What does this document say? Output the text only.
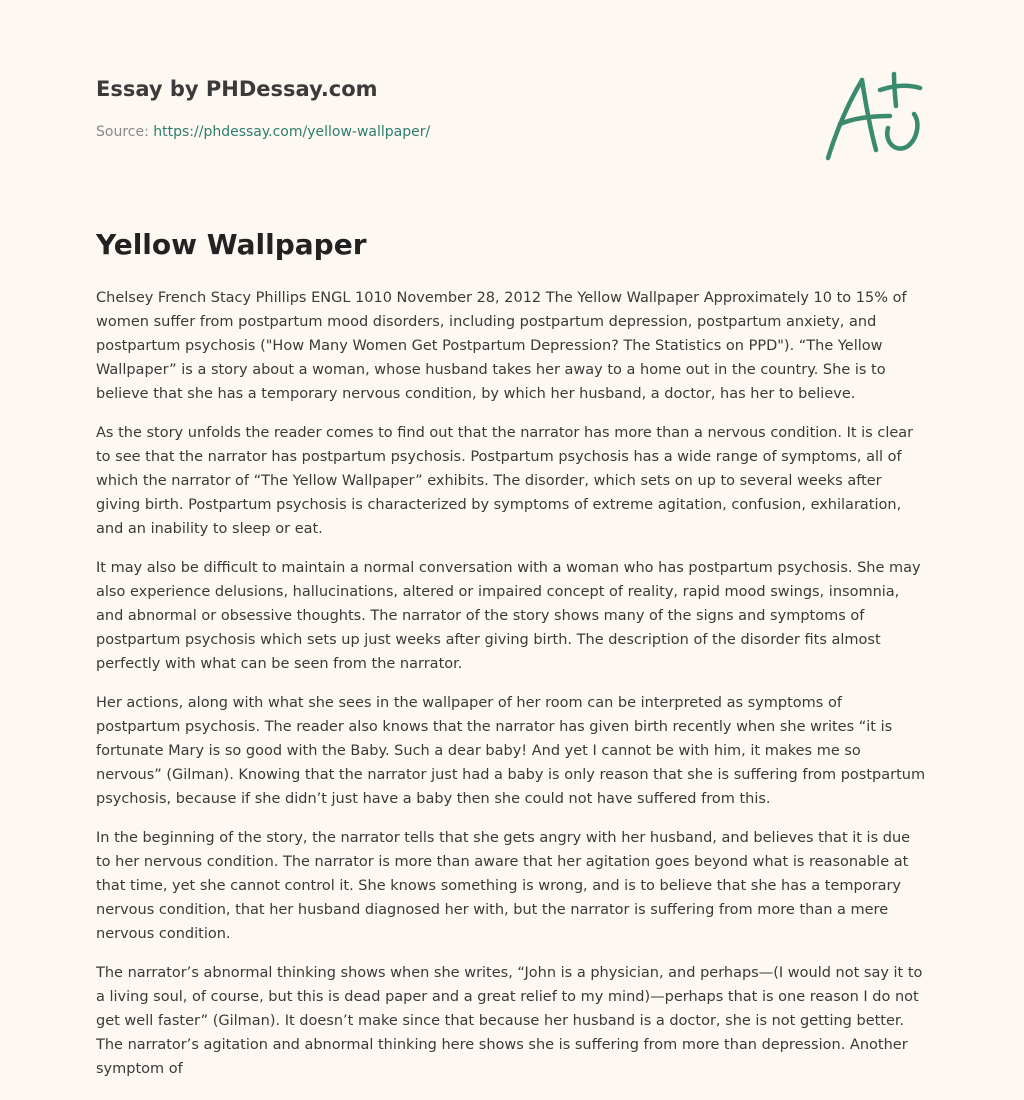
Essay by PHDessay.com
Source: https://phdessay.com/yellow-wallpaper/
Yellow Wallpaper

Chelsey French Stacy Phillips ENGL 1010 November 28, 2012 The Yellow Wallpaper Approximately 10 to 15% of women suffer from postpartum mood disorders, including postpartum depression, postpartum anxiety, and postpartum psychosis ("How Many Women Get Postpartum Depression? The Statistics on PPD"). “The Yellow Wallpaper” is a story about a woman, whose husband takes her away to a home out in the country. She is to believe that she has a temporary nervous condition, by which her husband, a doctor, has her to believe.

As the story unfolds the reader comes to find out that the narrator has more than a nervous condition. It is clear to see that the narrator has postpartum psychosis. Postpartum psychosis has a wide range of symptoms, all of which the narrator of “The Yellow Wallpaper” exhibits. The disorder, which sets on up to several weeks after giving birth. Postpartum psychosis is characterized by symptoms of extreme agitation, confusion, exhilaration, and an inability to sleep or eat.

It may also be difficult to maintain a normal conversation with a woman who has postpartum psychosis. She may also experience delusions, hallucinations, altered or impaired concept of reality, rapid mood swings, insomnia, and abnormal or obsessive thoughts. The narrator of the story shows many of the signs and symptoms of postpartum psychosis which sets up just weeks after giving birth. The description of the disorder fits almost perfectly with what can be seen from the narrator.

Her actions, along with what she sees in the wallpaper of her room can be interpreted as symptoms of postpartum psychosis. The reader also knows that the narrator has given birth recently when she writes “it is fortunate Mary is so good with the Baby. Such a dear baby! And yet I cannot be with him, it makes me so nervous” (Gilman). Knowing that the narrator just had a baby is only reason that she is suffering from postpartum psychosis, because if she didn’t just have a baby then she could not have suffered from this.

In the beginning of the story, the narrator tells that she gets angry with her husband, and believes that it is due to her nervous condition. The narrator is more than aware that her agitation goes beyond what is reasonable at that time, yet she cannot control it. She knows something is wrong, and is to believe that she has a temporary nervous condition, that her husband diagnosed her with, but the narrator is suffering from more than a mere nervous condition.

The narrator’s abnormal thinking shows when she writes, “John is a physician, and perhaps—(I would not say it to a living soul, of course, but this is dead paper and a great relief to my mind)—perhaps that is one reason I do not get well faster” (Gilman). It doesn’t make since that because her husband is a doctor, she is not getting better. The narrator’s agitation and abnormal thinking here shows she is suffering from more than depression. Another symptom of
